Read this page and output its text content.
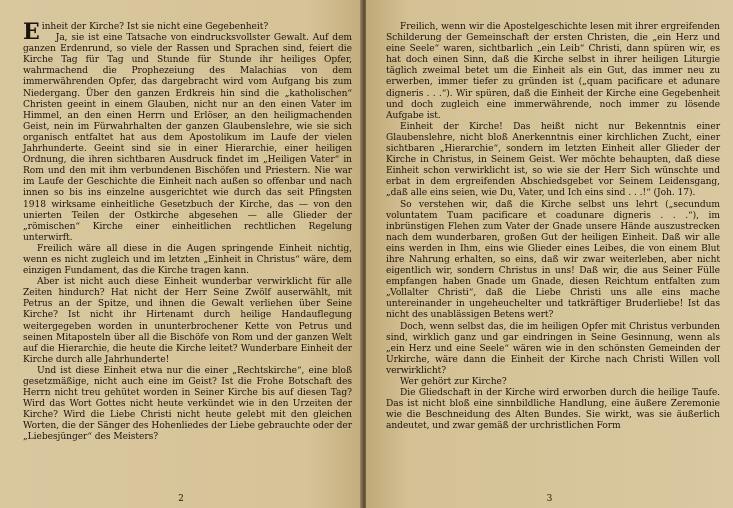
Einheit der Kirche? Ist sie nicht eine Gegebenheit?

Ja, sie ist eine Tatsache von eindrucksvollster Gewalt. Auf dem ganzen Erdenrund, so viele der Rassen und Sprachen sind, feiert die Kirche Tag für Tag und Stunde für Stunde ihr heiliges Opfer, wahrmachend die Prophezeiung des Malachias von dem immerwährenden Opfer, das dargebracht wird vom Aufgang bis zum Niedergang. Über den ganzen Erdkreis hin sind die „katholischen“ Christen geeint in einem Glauben, nicht nur an den einen Vater im Himmel, an den einen Herrn und Erlöser, an den heiligmachenden Geist, nein im Fürwahrhalten der ganzen Glaubenslehre, wie sie sich organisch entfaltet hat aus dem Apostolikum im Laufe der vielen Jahrhunderte. Geeint sind sie in einer Hierarchie, einer heiligen Ordnung, die ihren sichtbaren Ausdruck findet im „Heiligen Vater“ in Rom und den mit ihm verbundenen Bischöfen und Priestern. Nie war im Laufe der Geschichte die Einheit nach außen so offenbar und nach innen so bis ins einzelne ausgerichtet wie durch das seit Pfingsten 1918 wirksame einheitliche Gesetzbuch der Kirche, das — von den unierten Teilen der Ostkirche abgesehen — alle Glieder der „römischen“ Kirche einer einheitlichen rechtlichen Regelung unterwirft.

Freilich wäre all diese in die Augen springende Einheit nichtig, wenn es nicht zugleich und im letzten „Einheit in Christus“ wäre, dem einzigen Fundament, das die Kirche tragen kann.

Aber ist nicht auch diese Einheit wunderbar verwirklicht für alle Zeiten hindurch? Hat nicht der Herr Seine Zwölf auserwählt, mit Petrus an der Spitze, und ihnen die Gewalt verliehen über Seine Kirche? Ist nicht ihr Hirtenamt durch heilige Handauflegung weitergegeben worden in ununterbrochener Kette von Petrus und seinen Mitaposteln über all die Bischöfe von Rom und der ganzen Welt auf die Hierarchie, die heute die Kirche leitet? Wunderbare Einheit der Kirche durch alle Jahrhunderte!

Und ist diese Einheit etwa nur die einer „Rechtskirche“, eine bloß gesetzmäßige, nicht auch eine im Geist? Ist die Frohe Botschaft des Herrn nicht treu gehütet worden in Seiner Kirche bis auf diesen Tag? Wird das Wort Gottes nicht heute verkündet wie in den Urzeiten der Kirche? Wird die Liebe Christi nicht heute gelebt mit den gleichen Worten, die der Sänger des Hohenliedes der Liebe gebrauchte oder der „Liebesjünger“ des Meisters?

2

Freilich, wenn wir die Apostelgeschichte lesen mit ihrer ergreifenden Schilderung der Gemeinschaft der ersten Christen, die „ein Herz und eine Seele“ waren, sichtbarlich „ein Leib“ Christi, dann spüren wir, es hat doch einen Sinn, daß die Kirche selbst in ihrer heiligen Liturgie täglich zweimal betet um die Einheit als ein Gut, das immer neu zu erwerben, immer tiefer zu gründen ist („quam pacificare et adunare digneris . . .“). Wir spüren, daß die Einheit der Kirche eine Gegebenheit und doch zugleich eine immerwährende, noch immer zu lösende Aufgabe ist.

Einheit der Kirche! Das heißt nicht nur Bekenntnis einer Glaubenslehre, nicht bloß Anerkenntnis einer kirchlichen Zucht, einer sichtbaren „Hierarchie“, sondern im letzten Einheit aller Glieder der Kirche in Christus, in Seinem Geist. Wer möchte behaupten, daß diese Einheit schon verwirklicht ist, so wie sie der Herr Sich wünschte und erbat in dem ergreifenden Abschiedsgebet vor Seinem Leidensgang, „daß alle eins seien, wie Du, Vater, und Ich eins sind . . .!“ (Joh. 17).

So verstehen wir, daß die Kirche selbst uns lehrt („secundum voluntatem Tuam pacificare et coadunare digneris . . .“), im inbrünstigen Flehen zum Vater der Gnade unsere Hände auszustrecken nach dem wunderbaren, großen Gut der heiligen Einheit. Daß wir alle eins werden in Ihm, eins wie Glieder eines Leibes, die von einem Blut ihre Nahrung erhalten, so eins, daß wir zwar weiterleben, aber nicht eigentlich wir, sondern Christus in uns! Daß wir, die aus Seiner Fülle empfangen haben Gnade um Gnade, diesen Reichtum entfalten zum „Vollalter Christi“, daß die Liebe Christi uns alle eins mache untereinander in ungeheuchelter und tatkräftiger Bruderliebe! Ist das nicht des unablässigen Betens wert?

Doch, wenn selbst das, die im heiligen Opfer mit Christus verbunden sind, wirklich ganz und gar eindringen in Seine Gesinnung, wenn als „ein Herz und eine Seele“ wären wie in den schönsten Gemeinden der Urkirche, wäre dann die Einheit der Kirche nach Christi Willen voll verwirklicht?

Wer gehört zur Kirche?

Die Gliedschaft in der Kirche wird erworben durch die heilige Taufe. Das ist nicht bloß eine sinnbildliche Handlung, eine äußere Zeremonie wie die Beschneidung des Alten Bundes. Sie wirkt, was sie äußerlich andeutet, und zwar gemäß der urchristlichen Form

3
